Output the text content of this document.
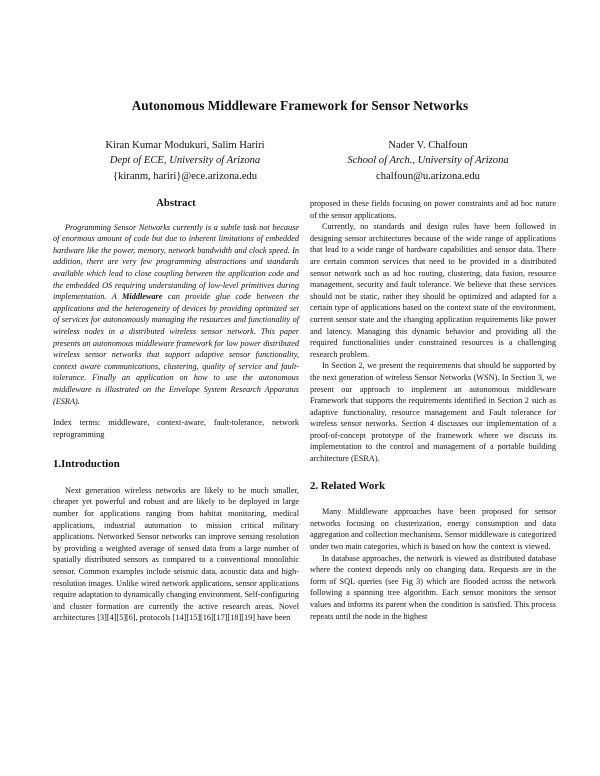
Autonomous Middleware Framework for Sensor Networks
Kiran Kumar Modukuri, Salim Hariri
Dept of ECE, University of Arizona
{kiranm, hariri}@ece.arizona.edu
Nader V. Chalfoun
School of Arch., University of Arizona
chalfoun@u.arizona.edu
Abstract

Programming Sensor Networks currently is a subtle task not because of enormous amount of code but due to inherent limitations of embedded hardware like the power, memory, network bandwidth and clock speed. In addition, there are very few programming abstractions and standards available which lead to close coupling between the application code and the embedded OS requiring understanding of low-level primitives during implementation. A Middleware can provide glue code between the applications and the heterogeneity of devices by providing optimized set of services for autonomously managing the resources and functionality of wireless nodes in a distributed wireless sensor network. This paper presents an autonomous middleware framework for low power distributed wireless sensor networks that support adaptive sensor functionality, context aware communications, clustering, quality of service and fault-tolerance. Finally an application on how to use the autonomous middleware is illustrated on the Envelope System Research Apparatus (ESRA).

Index terms: middleware, context-aware, fault-tolerance, network reprogramming

1.Introduction

Next generation wireless networks are likely to be much smaller, cheaper yet powerful and robust and are likely to be deployed in large number for applications ranging from habitat monitoring, medical applications, industrial automation to mission critical military applications. Networked Sensor networks can improve sensing resolution by providing a weighted average of sensed data from a large number of spatially distributed sensors as compared to a conventional monolithic sensor. Common examples include seismic data, acoustic data and high-resolution images. Unlike wired network applications, sensor applications require adaptation to dynamically changing environment. Self-configuring and cluster formation are currently the active research areas. Novel architectures [3][4][5][6], protocols [14][15][16][17][18][19] have been

proposed in these fields focusing on power constraints and ad hoc nature of the sensor applications.

Currently, no standards and design rules have been followed in designing sensor architectures because of the wide range of applications that lead to a wide range of hardware capabilities and sensor data. There are certain common services that need to be provided in a distributed sensor network such as ad hoc routing, clustering, data fusion, resource management, security and fault tolerance. We believe that these services should not be static, rather they should be optimized and adapted for a certain type of applications based on the context state of the environment, current sensor state and the changing application requirements like power and latency. Managing this dynamic behavior and providing all the required functionalities under constrained resources is a challenging research problem.

In Section 2, we present the requirements that should be supported by the next generation of wireless Sensor Networks (WSN). In Section 3, we present our approach to implement an autonomous middleware Framework that supports the requirements identified in Section 2 such as adaptive functionality, resource management and Fault tolerance for wireless sensor networks. Section 4 discusses our implementation of a proof-of-concept prototype of the framework where we discuss its implementation to the control and management of a portable building architecture (ESRA).

2. Related Work

Many Middleware approaches have been proposed for sensor networks focusing on clusterization, energy consumption and data aggregation and collection mechanisms. Sensor middleware is categorized under two main categories, which is based on how the context is viewed.

In database approaches, the network is viewed as distributed database where the context depends only on changing data. Requests are in the form of SQL queries (see Fig 3) which are flooded across the network following a spanning tree algorithm. Each sensor monitors the sensor values and informs its parent when the condition is satisfied. This process repeats until the node in the highest
